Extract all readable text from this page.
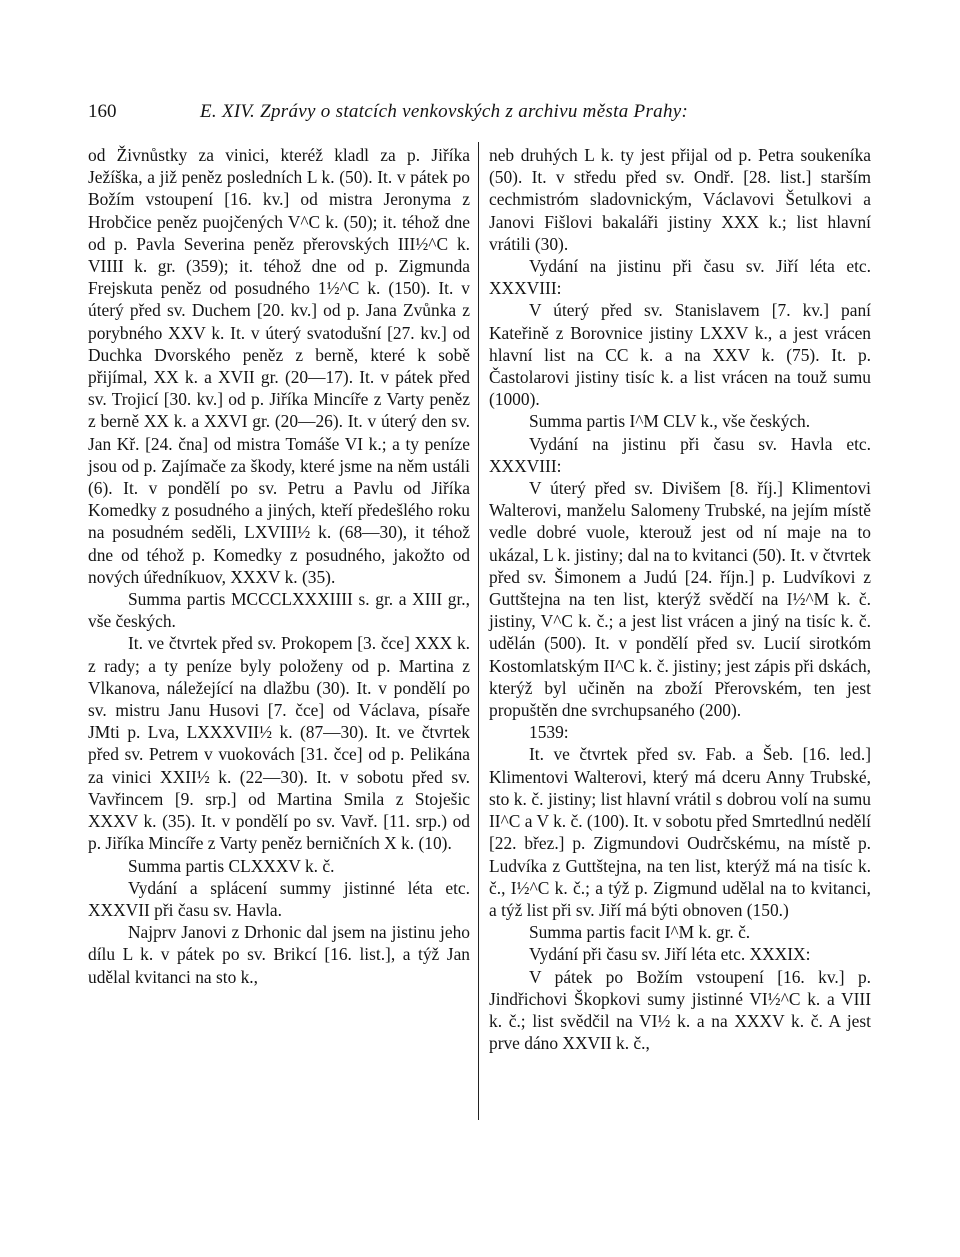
160	E. XIV. Zprávy o statcích venkovských z archivu města Prahy:

od Živnůstky za vinici, kteréž kladl za p. Jiříka Ježíška, a již peněz posledních L k. (50). It. v pátek po Božím vstoupení [16. kv.] od mistra Jeronyma z Hrobčice peněz puojčených V^C k. (50); it. téhož dne od p. Pavla Severina peněz přerovských III½^C k. VIIII k. gr. (359); it. téhož dne od p. Zigmunda Frejskuta peněz od posudného 1½^C k. (150). It. v úterý před sv. Duchem [20. kv.] od p. Jana Zvůnka z porybného XXV k. It. v úterý svatodušní [27. kv.] od Duchka Dvorského peněz z berně, které k sobě přijímal, XX k. a XVII gr. (20—17). It. v pátek před sv. Trojicí [30. kv.] od p. Jiříka Mincíře z Varty peněz z berně XX k. a XXVI gr. (20—26). It. v úterý den sv. Jan Kř. [24. čna] od mistra Tomáše VI k.; a ty peníze jsou od p. Zajímače za škody, které jsme na něm ustáli (6). It. v pondělí po sv. Petru a Pavlu od Jiříka Komedky z posudného a jiných, kteří předešlého roku na posudném seděli, LXVIII½ k. (68—30), it téhož dne od téhož p. Komedky z posudného, jakožto od nových úředníkuov, XXXV k. (35).

Summa partis MCCCLXXXIIII s. gr. a XIII gr., vše českých.

It. ve čtvrtek před sv. Prokopem [3. čce] XXX k. z rady; a ty peníze byly položeny od p. Martina z Vlkanova, náležející na dlažbu (30). It. v pondělí po sv. mistru Janu Husovi [7. čce] od Václava, písaře JMti p. Lva, LXXXVII½ k. (87—30). It. ve čtvrtek před sv. Petrem v vuokovách [31. čce] od p. Pelikána za vinici XXII½ k. (22—30). It. v sobotu před sv. Vavřincem [9. srp.] od Martina Smila z Stoješic XXXV k. (35). It. v pondělí po sv. Vavř. [11. srp.) od p. Jiříka Mincíře z Varty peněz berničních X k. (10).

Summa partis CLXXXV k. č.

Vydání a splácení summy jistinné léta etc. XXXVII při času sv. Havla.

Najprv Janovi z Drhonic dal jsem na jistinu jeho dílu L k. v pátek po sv. Brikcí [16. list.], a týž Jan udělal kvitanci na sto k.,

neb druhých L k. ty jest přijal od p. Petra soukeníka (50). It. v středu před sv. Ondř. [28. list.] starším cechmistróm sladovnickým, Václavovi Šetulkovi a Janovi Fišlovi bakaláři jistiny XXX k.; list hlavní vrátili (30).

Vydání na jistinu při času sv. Jiří léta etc. XXXVIII:

V úterý před sv. Stanislavem [7. kv.] paní Kateřině z Borovnice jistiny LXXV k., a jest vrácen hlavní list na CC k. a na XXV k. (75). It. p. Častolarovi jistiny tisíc k. a list vrácen na touž sumu (1000).

Summa partis I^M CLV k., vše českých.

Vydání na jistinu při času sv. Havla etc. XXXVIII:

V úterý před sv. Divišem [8. říj.] Klimentovi Walterovi, manželu Salomeny Trubské, na jejím místě vedle dobré vuole, kterouž jest od ní maje na to ukázal, L k. jistiny; dal na to kvitanci (50). It. v čtvrtek před sv. Šimonem a Judú [24. říjn.] p. Ludvíkovi z Guttštejna na ten list, kterýž svědčí na I½^M k. č. jistiny, V^C k. č.; a jest list vrácen a jiný na tisíc k. č. udělán (500). It. v pondělí před sv. Lucií sirotkóm Kostomlatským II^C k. č. jistiny; jest zápis při dskách, kterýž byl učiněn na zboží Přerovském, ten jest propuštěn dne svrchupsaného (200).

1539:

It. ve čtvrtek před sv. Fab. a Šeb. [16. led.] Klimentovi Walterovi, který má dceru Anny Trubské, sto k. č. jistiny; list hlavní vrátil s dobrou volí na sumu II^C a V k. č. (100). It. v sobotu před Smrtedlnú nedělí [22. břez.] p. Zigmundovi Oudrčskému, na místě p. Ludvíka z Guttštejna, na ten list, kterýž má na tisíc k. č., I½^C k. č.; a týž p. Zigmund udělal na to kvitanci, a týž list při sv. Jiří má býti obnoven (150.)

Summa partis facit I^M k. gr. č.

Vydání při času sv. Jiří léta etc. XXXIX:

V pátek po Božím vstoupení [16. kv.] p. Jindřichovi Škopkovi sumy jistinné VI½^C k. a VIII k. č.; list svědčil na VI½ k. a na XXXV k. č. A jest prve dáno XXVII k. č.,
